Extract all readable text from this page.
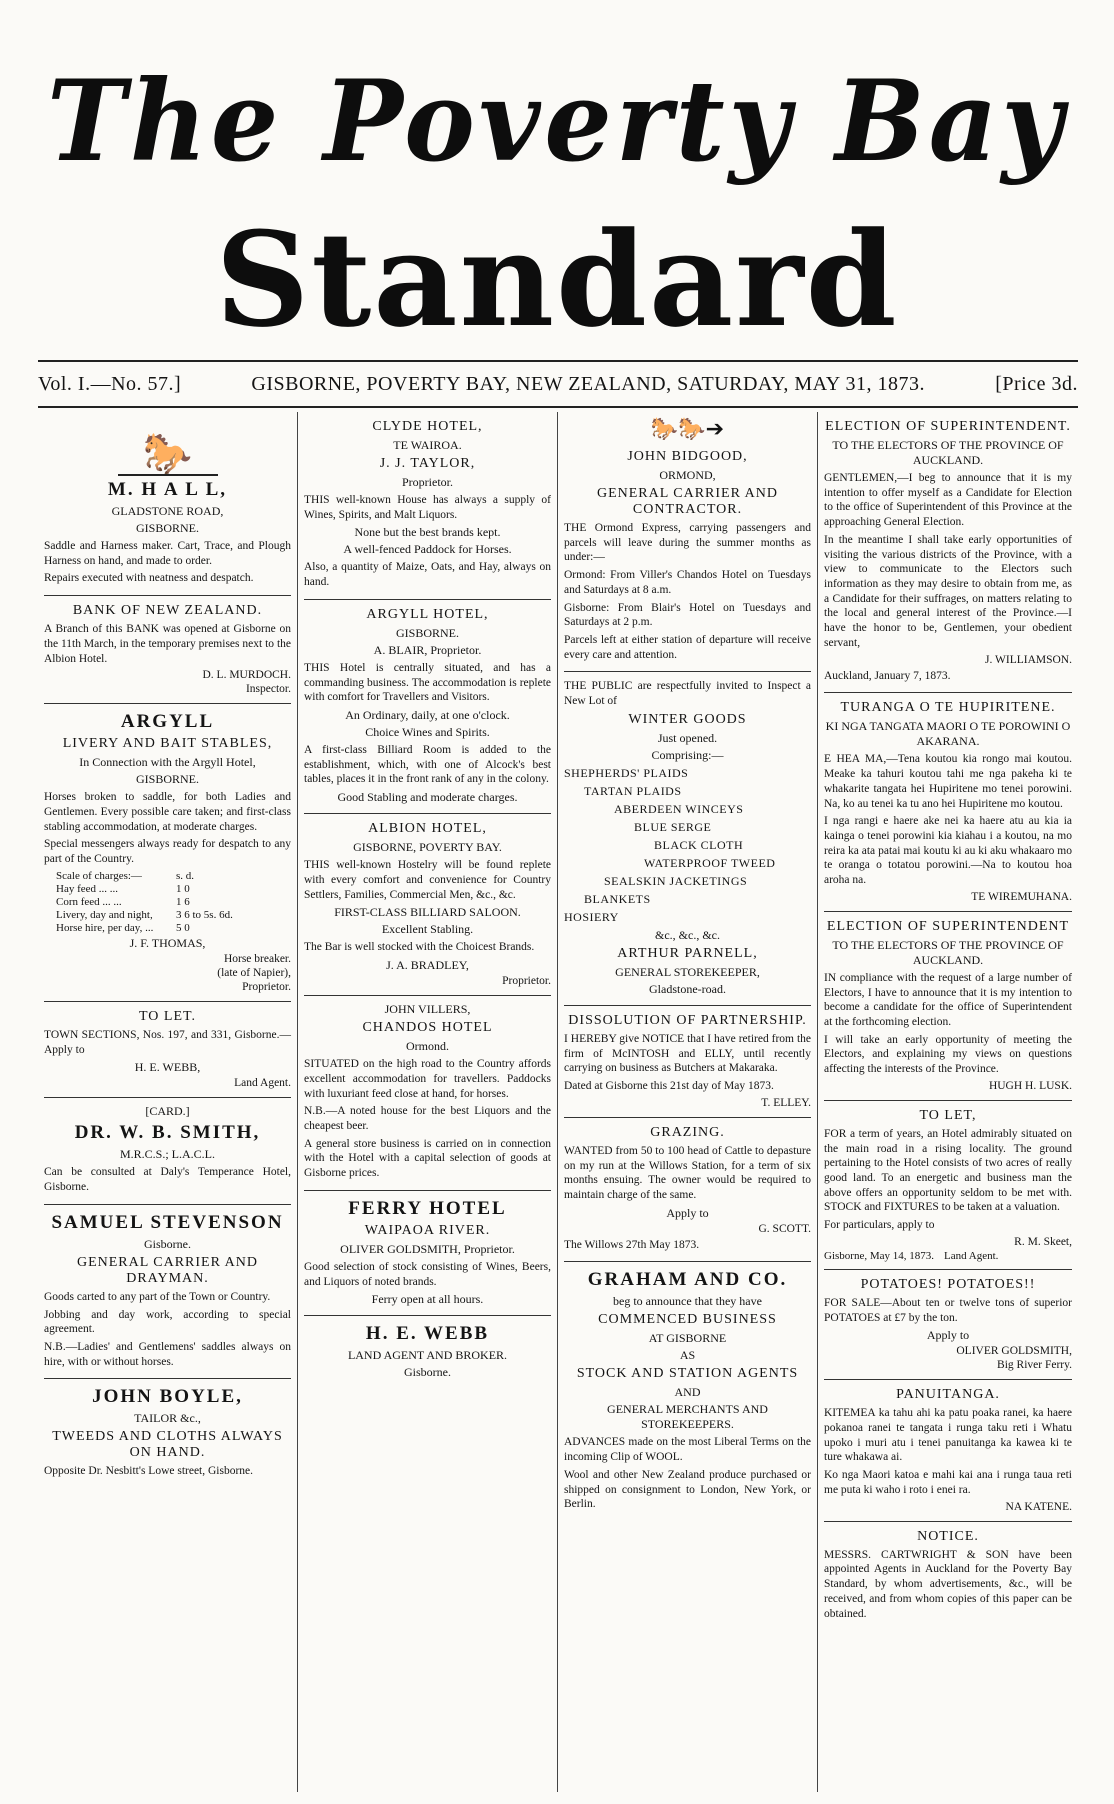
The Poverty Bay
Standard
Vol. I.—No. 57.]	GISBORNE, POVERTY BAY, NEW ZEALAND, SATURDAY, MAY 31, 1873.	[Price 3d.
🐎
M. H A L L,
GLADSTONE ROAD,
GISBORNE.
Saddle and Harness maker. Cart, Trace, and Plough Harness on hand, and made to order.
Repairs executed with neatness and despatch.
BANK OF NEW ZEALAND.
A Branch of this BANK was opened at Gisborne on the 11th March, in the temporary premises next to the Albion Hotel.
D. L. MURDOCH.
Inspector.
ARGYLL
LIVERY AND BAIT STABLES,
In Connection with the Argyll Hotel,
GISBORNE.
Horses broken to saddle, for both Ladies and Gentlemen. Every possible care taken; and first-class stabling accommodation, at moderate charges.
Special messengers always ready for despatch to any part of the Country.
Scale of charges:—	s. d.
Hay feed ... ...	1 0
Corn feed ... ...	1 6
Livery, day and night,	3 6 to 5s. 6d.
Horse hire, per day, ...	5 0
J. F. THOMAS,
Horse breaker.
(late of Napier),
Proprietor.
TO LET.
TOWN SECTIONS, Nos. 197, and 331, Gisborne.—Apply to
H. E. WEBB,
Land Agent.
[CARD.]
DR. W. B. SMITH,
M.R.C.S.; L.A.C.L.
Can be consulted at Daly's Temperance Hotel, Gisborne.
SAMUEL STEVENSON
Gisborne.
GENERAL CARRIER AND DRAYMAN.
Goods carted to any part of the Town or Country.
Jobbing and day work, according to special agreement.
N.B.—Ladies' and Gentlemens' saddles always on hire, with or without horses.
JOHN BOYLE,
TAILOR &c.,
TWEEDS AND CLOTHS ALWAYS ON HAND.
Opposite Dr. Nesbitt's Lowe street, Gisborne.
CLYDE HOTEL,
TE WAIROA.
J. J. TAYLOR,
Proprietor.
THIS well-known House has always a supply of Wines, Spirits, and Malt Liquors.
None but the best brands kept.
A well-fenced Paddock for Horses.
Also, a quantity of Maize, Oats, and Hay, always on hand.
ARGYLL HOTEL,
GISBORNE.
A. BLAIR, Proprietor.
THIS Hotel is centrally situated, and has a commanding business. The accommodation is replete with comfort for Travellers and Visitors.
An Ordinary, daily, at one o'clock.
Choice Wines and Spirits.
A first-class Billiard Room is added to the establishment, which, with one of Alcock's best tables, places it in the front rank of any in the colony.
Good Stabling and moderate charges.
ALBION HOTEL,
GISBORNE, POVERTY BAY.
THIS well-known Hostelry will be found replete with every comfort and convenience for Country Settlers, Families, Commercial Men, &c., &c.
FIRST-CLASS BILLIARD SALOON.
Excellent Stabling.
The Bar is well stocked with the Choicest Brands.
J. A. BRADLEY,
Proprietor.
JOHN VILLERS,
CHANDOS HOTEL
Ormond.
SITUATED on the high road to the Country affords excellent accommodation for travellers. Paddocks with luxuriant feed close at hand, for horses.
N.B.—A noted house for the best Liquors and the cheapest beer.
A general store business is carried on in connection with the Hotel with a capital selection of goods at Gisborne prices.
FERRY HOTEL
WAIPAOA RIVER.
OLIVER GOLDSMITH, Proprietor.
Good selection of stock consisting of Wines, Beers, and Liquors of noted brands.
Ferry open at all hours.
H. E. WEBB
LAND AGENT AND BROKER.
Gisborne.
🐎🐎➔
JOHN BIDGOOD,
ORMOND,
GENERAL CARRIER AND CONTRACTOR.
THE Ormond Express, carrying passengers and parcels will leave during the summer months as under:—
Ormond: From Viller's Chandos Hotel on Tuesdays and Saturdays at 8 a.m.
Gisborne: From Blair's Hotel on Tuesdays and Saturdays at 2 p.m.
Parcels left at either station of departure will receive every care and attention.
THE PUBLIC are respectfully invited to Inspect a New Lot of
WINTER GOODS
Just opened.
Comprising:—
SHEPHERDS' PLAIDS
TARTAN PLAIDS
ABERDEEN WINCEYS
BLUE SERGE
BLACK CLOTH
WATERPROOF TWEED
SEALSKIN JACKETINGS
BLANKETS
HOSIERY
&c., &c., &c.
ARTHUR PARNELL,
GENERAL STOREKEEPER,
Gladstone-road.
DISSOLUTION OF PARTNERSHIP.
I HEREBY give NOTICE that I have retired from the firm of McINTOSH and ELLY, until recently carrying on business as Butchers at Makaraka.
Dated at Gisborne this 21st day of May 1873.
T. ELLEY.
GRAZING.
WANTED from 50 to 100 head of Cattle to depasture on my run at the Willows Station, for a term of six months ensuing. The owner would be required to maintain charge of the same.
Apply to
G. SCOTT.
The Willows 27th May 1873.
GRAHAM AND CO.
beg to announce that they have
COMMENCED BUSINESS
AT GISBORNE
AS
STOCK AND STATION AGENTS
AND
GENERAL MERCHANTS AND STOREKEEPERS.
ADVANCES made on the most Liberal Terms on the incoming Clip of WOOL.
Wool and other New Zealand produce purchased or shipped on consignment to London, New York, or Berlin.
ELECTION OF SUPERINTENDENT.
TO THE ELECTORS OF THE PROVINCE OF AUCKLAND.
GENTLEMEN,—I beg to announce that it is my intention to offer myself as a Candidate for Election to the office of Superintendent of this Province at the approaching General Election.
In the meantime I shall take early opportunities of visiting the various districts of the Province, with a view to communicate to the Electors such information as they may desire to obtain from me, as a Candidate for their suffrages, on matters relating to the local and general interest of the Province.—I have the honor to be, Gentlemen, your obedient servant,
J. WILLIAMSON.
Auckland, January 7, 1873.
TURANGA O TE HUPIRITENE.
KI NGA TANGATA MAORI O TE POROWINI O AKARANA.
E HEA MA,—Tena koutou kia rongo mai koutou. Meake ka tahuri koutou tahi me nga pakeha ki te whakarite tangata hei Hupiritene mo tenei porowini. Na, ko au tenei ka tu ano hei Hupiritene mo koutou.
I nga rangi e haere ake nei ka haere atu au kia ia kainga o tenei porowini kia kiahau i a koutou, na mo reira ka ata patai mai koutu ki au ki aku whakaaro mo te oranga o totatou porowini.—Na to koutou hoa aroha na.
TE WIREMUHANA.
ELECTION OF SUPERINTENDENT
TO THE ELECTORS OF THE PROVINCE OF AUCKLAND.
IN compliance with the request of a large number of Electors, I have to announce that it is my intention to become a candidate for the office of Superintendent at the forthcoming election.
I will take an early opportunity of meeting the Electors, and explaining my views on questions affecting the interests of the Province.
HUGH H. LUSK.
TO LET,
FOR a term of years, an Hotel admirably situated on the main road in a rising locality. The ground pertaining to the Hotel consists of two acres of really good land. To an energetic and business man the above offers an opportunity seldom to be met with. STOCK and FIXTURES to be taken at a valuation.
For particulars, apply to
R. M. Skeet,
Gisborne, May 14, 1873. Land Agent.
POTATOES! POTATOES!!
FOR SALE—About ten or twelve tons of superior POTATOES at £7 by the ton.
Apply to
OLIVER GOLDSMITH,
Big River Ferry.
PANUITANGA.
KITEMEA ka tahu ahi ka patu poaka ranei, ka haere pokanoa ranei te tangata i runga taku reti i Whatu upoko i muri atu i tenei panuitanga ka kawea ki te ture whakawa ai.
Ko nga Maori katoa e mahi kai ana i runga taua reti me puta ki waho i roto i enei ra.
NA KATENE.
NOTICE.
MESSRS. CARTWRIGHT & SON have been appointed Agents in Auckland for the Poverty Bay Standard, by whom advertisements, &c., will be received, and from whom copies of this paper can be obtained.
